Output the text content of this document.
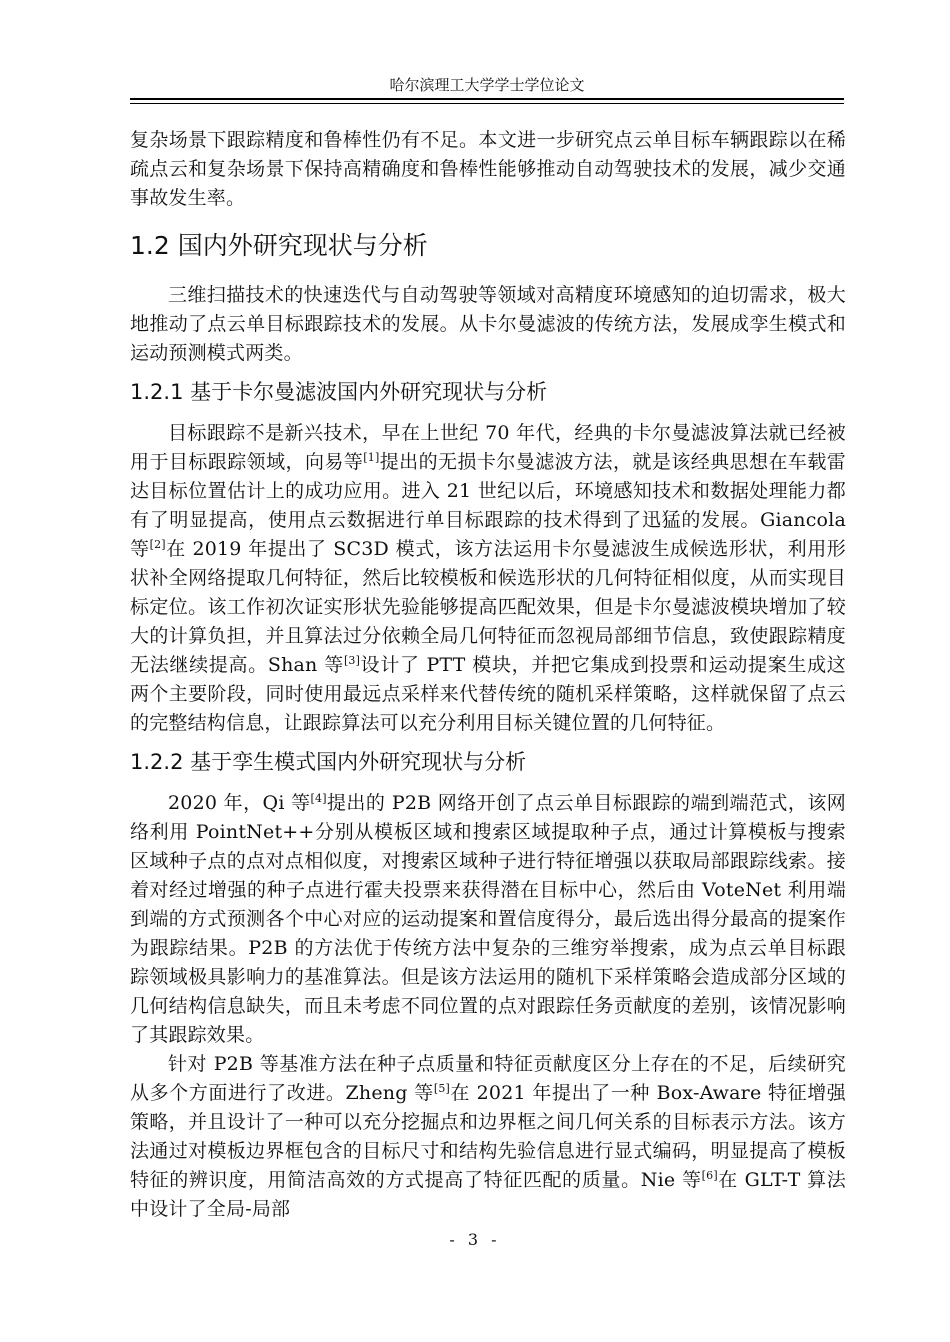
哈尔滨理工大学学士学位论文

复杂场景下跟踪精度和鲁棒性仍有不足。本文进一步研究点云单目标车辆跟踪以在稀疏点云和复杂场景下保持高精确度和鲁棒性能够推动自动驾驶技术的发展，减少交通事故发生率。

1.2 国内外研究现状与分析

三维扫描技术的快速迭代与自动驾驶等领域对高精度环境感知的迫切需求，极大地推动了点云单目标跟踪技术的发展。从卡尔曼滤波的传统方法，发展成孪生模式和运动预测模式两类。

1.2.1 基于卡尔曼滤波国内外研究现状与分析

目标跟踪不是新兴技术，早在上世纪 70 年代，经典的卡尔曼滤波算法就已经被用于目标跟踪领域，向易等[1]提出的无损卡尔曼滤波方法，就是该经典思想在车载雷达目标位置估计上的成功应用。进入 21 世纪以后，环境感知技术和数据处理能力都有了明显提高，使用点云数据进行单目标跟踪的技术得到了迅猛的发展。Giancola 等[2]在 2019 年提出了 SC3D 模式，该方法运用卡尔曼滤波生成候选形状，利用形状补全网络提取几何特征，然后比较模板和候选形状的几何特征相似度，从而实现目标定位。该工作初次证实形状先验能够提高匹配效果，但是卡尔曼滤波模块增加了较大的计算负担，并且算法过分依赖全局几何特征而忽视局部细节信息，致使跟踪精度无法继续提高。Shan 等[3]设计了 PTT 模块，并把它集成到投票和运动提案生成这两个主要阶段，同时使用最远点采样来代替传统的随机采样策略，这样就保留了点云的完整结构信息，让跟踪算法可以充分利用目标关键位置的几何特征。

1.2.2 基于孪生模式国内外研究现状与分析

2020 年，Qi 等[4]提出的 P2B 网络开创了点云单目标跟踪的端到端范式，该网络利用 PointNet++分别从模板区域和搜索区域提取种子点，通过计算模板与搜索区域种子点的点对点相似度，对搜索区域种子进行特征增强以获取局部跟踪线索。接着对经过增强的种子点进行霍夫投票来获得潜在目标中心，然后由 VoteNet 利用端到端的方式预测各个中心对应的运动提案和置信度得分，最后选出得分最高的提案作为跟踪结果。P2B 的方法优于传统方法中复杂的三维穷举搜索，成为点云单目标跟踪领域极具影响力的基准算法。但是该方法运用的随机下采样策略会造成部分区域的几何结构信息缺失，而且未考虑不同位置的点对跟踪任务贡献度的差别，该情况影响了其跟踪效果。

针对 P2B 等基准方法在种子点质量和特征贡献度区分上存在的不足，后续研究从多个方面进行了改进。Zheng 等[5]在 2021 年提出了一种 Box-Aware 特征增强策略，并且设计了一种可以充分挖掘点和边界框之间几何关系的目标表示方法。该方法通过对模板边界框包含的目标尺寸和结构先验信息进行显式编码，明显提高了模板特征的辨识度，用简洁高效的方式提高了特征匹配的质量。Nie 等[6]在 GLT-T 算法中设计了全局-局部

- 3 -
